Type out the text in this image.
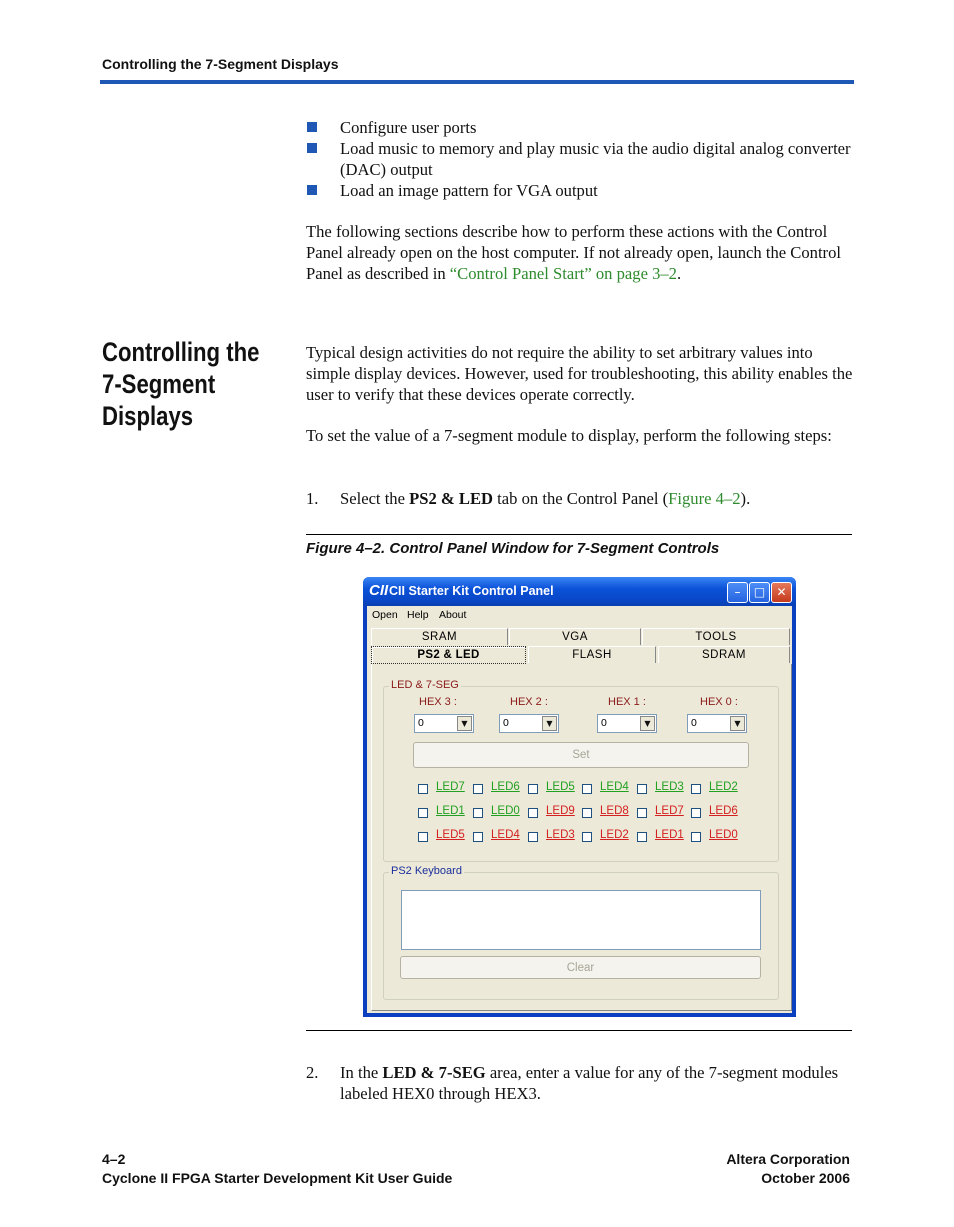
Controlling the 7-Segment Displays
Configure user ports
Load music to memory and play music via the audio digital analog converter (DAC) output
Load an image pattern for VGA output
The following sections describe how to perform these actions with the Control Panel already open on the host computer. If not already open, launch the Control Panel as described in “Control Panel Start” on page 3–2.
Controlling the 7-Segment Displays
Typical design activities do not require the ability to set arbitrary values into simple display devices. However, used for troubleshooting, this ability enables the user to verify that these devices operate correctly.
To set the value of a 7-segment module to display, perform the following steps:
1.	Select the PS2 & LED tab on the Control Panel (Figure 4–2).
Figure 4–2. Control Panel Window for 7-Segment Controls
CII CII Starter Kit Control Panel	–	□ ✕
Open Help About
SRAM	VGA	TOOLS
PS2 & LED	FLASH	SDRAM
LED & 7-SEG
HEX 3 :	HEX 2 :	HEX 1 :	HEX 0 :
0	▼	0	▼	0	▼	0	▼
Set
LED7 LED6 LED5 LED4 LED3 LED2
LED1 LED0 LED9 LED8 LED7 LED6
LED5 LED4 LED3 LED2 LED1 LED0
PS2 Keyboard
Clear
2.	In the LED & 7-SEG area, enter a value for any of the 7-segment modules labeled HEX0 through HEX3.
4–2
Cyclone II FPGA Starter Development Kit User Guide
Altera Corporation
October 2006
